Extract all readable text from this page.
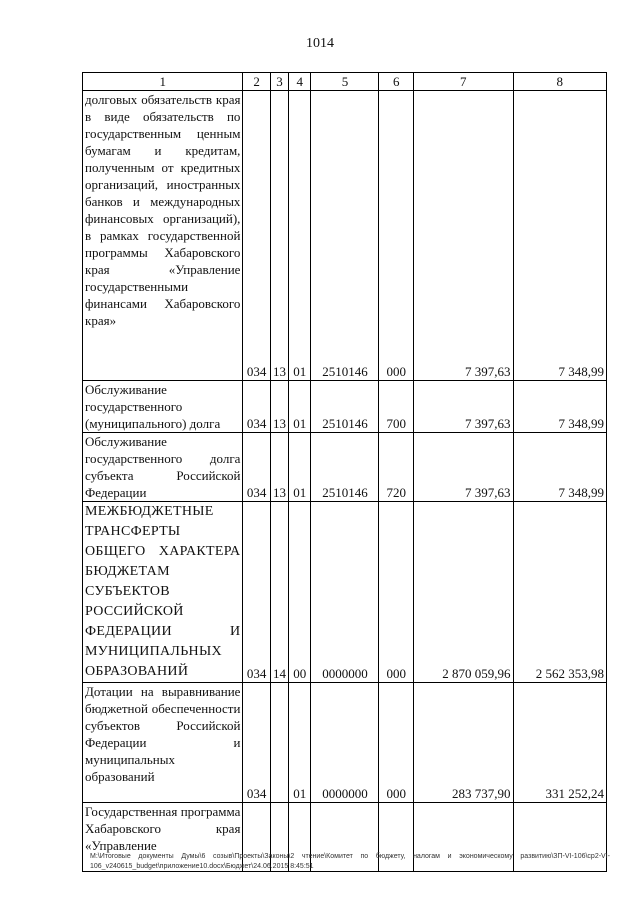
1014
1	2	3	4	5	6	7	8
долговых обязательств края в виде обязательств по государственным ценным бумагам и кредитам, полученным от кредитных организаций, иностранных банков и международных финансовых организаций), в рамках государственной программы Хабаровского края «Управление государственными финансами Хабаровского края»	034	13	01	2510146	000	7 397,63	7 348,99
Обслуживание государственного (муниципального) долга	034	13	01	2510146	700	7 397,63	7 348,99
Обслуживание государственного долга субъекта Российской Федерации	034	13	01	2510146	720	7 397,63	7 348,99
МЕЖБЮДЖЕТНЫЕ ТРАНСФЕРТЫ ОБЩЕГО ХАРАКТЕРА БЮДЖЕТАМ СУБЪЕКТОВ РОССИЙСКОЙ ФЕДЕРАЦИИ И МУНИЦИПАЛЬНЫХ ОБРАЗОВАНИЙ	034	14	00	0000000	000	2 870 059,96	2 562 353,98
Дотации на выравнивание бюджетной обеспеченности субъектов Российской Федерации и муниципальных образований	034		01	0000000	000	283 737,90	331 252,24
Государственная программа Хабаровского края «Управление							
M:\Итоговые документы Думы\6 созыв\Проекты\Законы\2 чтение\Комитет по бюджету, налогам и экономическому развитию\ЗП-VI-106\ср2-VI-106_v240615_budget\приложение10.docx\Бюджет\24.06.2015 8:45:51
